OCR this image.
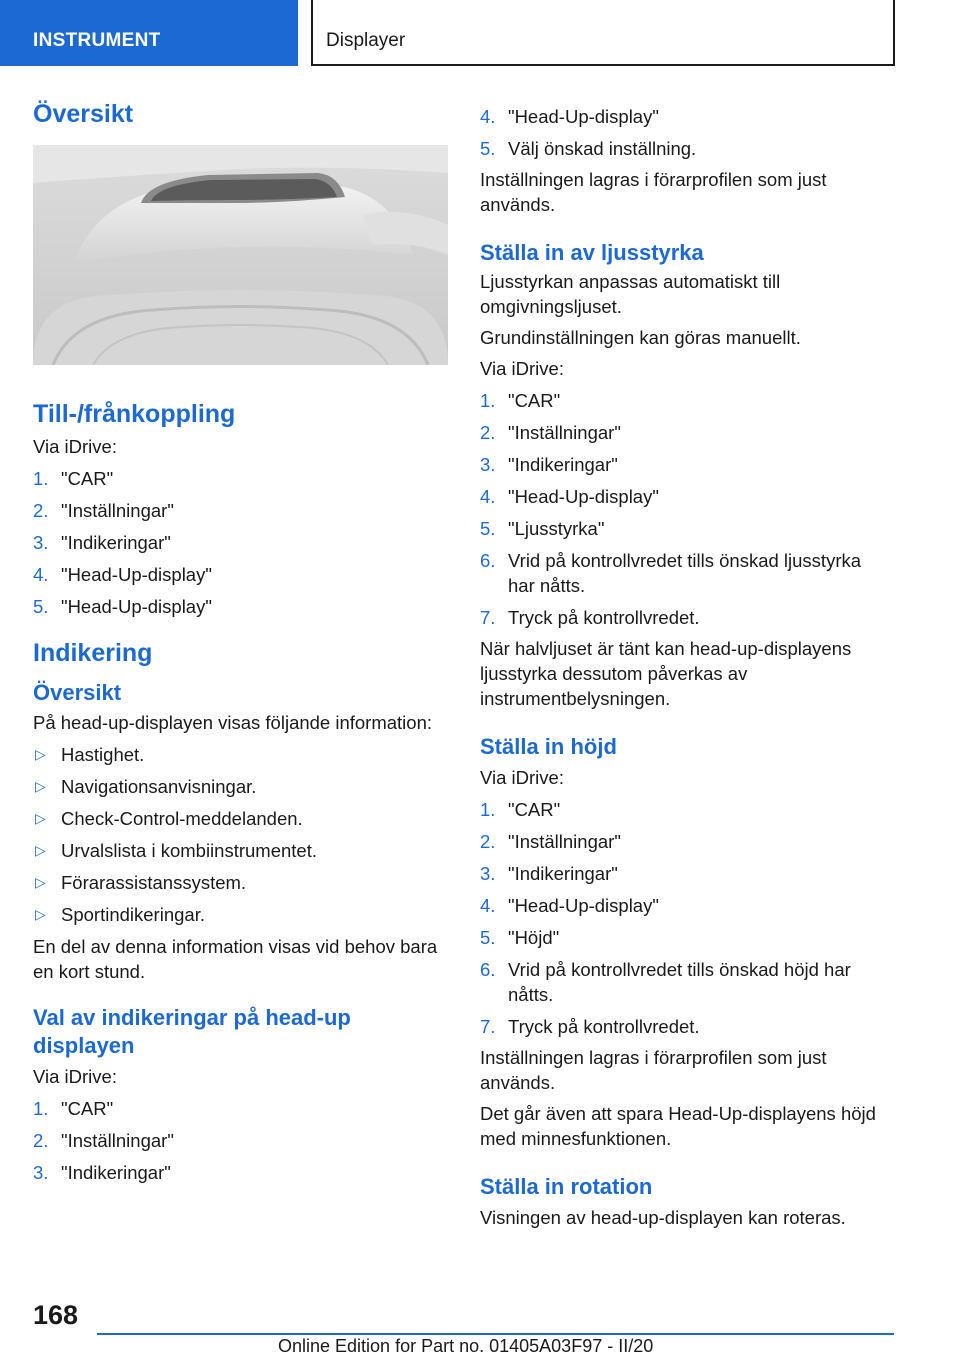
INSTRUMENT	Displayer
Översikt
Till-/frånkoppling
Via iDrive:
1. "CAR"
2. "Inställningar"
3. "Indikeringar"
4. "Head-Up-display"
5. "Head-Up-display"
Indikering
Översikt
På head-up-displayen visas följande information:
▷ Hastighet.
▷ Navigationsanvisningar.
▷ Check-Control-meddelanden.
▷ Urvalslista i kombiinstrumentet.
▷ Förarassistanssystem.
▷ Sportindikeringar.
En del av denna information visas vid behov bara en kort stund.
Val av indikeringar på head-up displayen
Via iDrive:
1. "CAR"
2. "Inställningar"
3. "Indikeringar"
4. "Head-Up-display"
5. Välj önskad inställning.
Inställningen lagras i förarprofilen som just används.
Ställa in av ljusstyrka
Ljusstyrkan anpassas automatiskt till omgivningsljuset.
Grundinställningen kan göras manuellt.
Via iDrive:
1. "CAR"
2. "Inställningar"
3. "Indikeringar"
4. "Head-Up-display"
5. "Ljusstyrka"
6. Vrid på kontrollvredet tills önskad ljusstyrka har nåtts.
7. Tryck på kontrollvredet.
När halvljuset är tänt kan head-up-displayens ljusstyrka dessutom påverkas av instrumentbelysningen.
Ställa in höjd
Via iDrive:
1. "CAR"
2. "Inställningar"
3. "Indikeringar"
4. "Head-Up-display"
5. "Höjd"
6. Vrid på kontrollvredet tills önskad höjd har nåtts.
7. Tryck på kontrollvredet.
Inställningen lagras i förarprofilen som just används.
Det går även att spara Head-Up-displayens höjd med minnesfunktionen.
Ställa in rotation
Visningen av head-up-displayen kan roteras.
168
Online Edition for Part no. 01405A03F97 - II/20
